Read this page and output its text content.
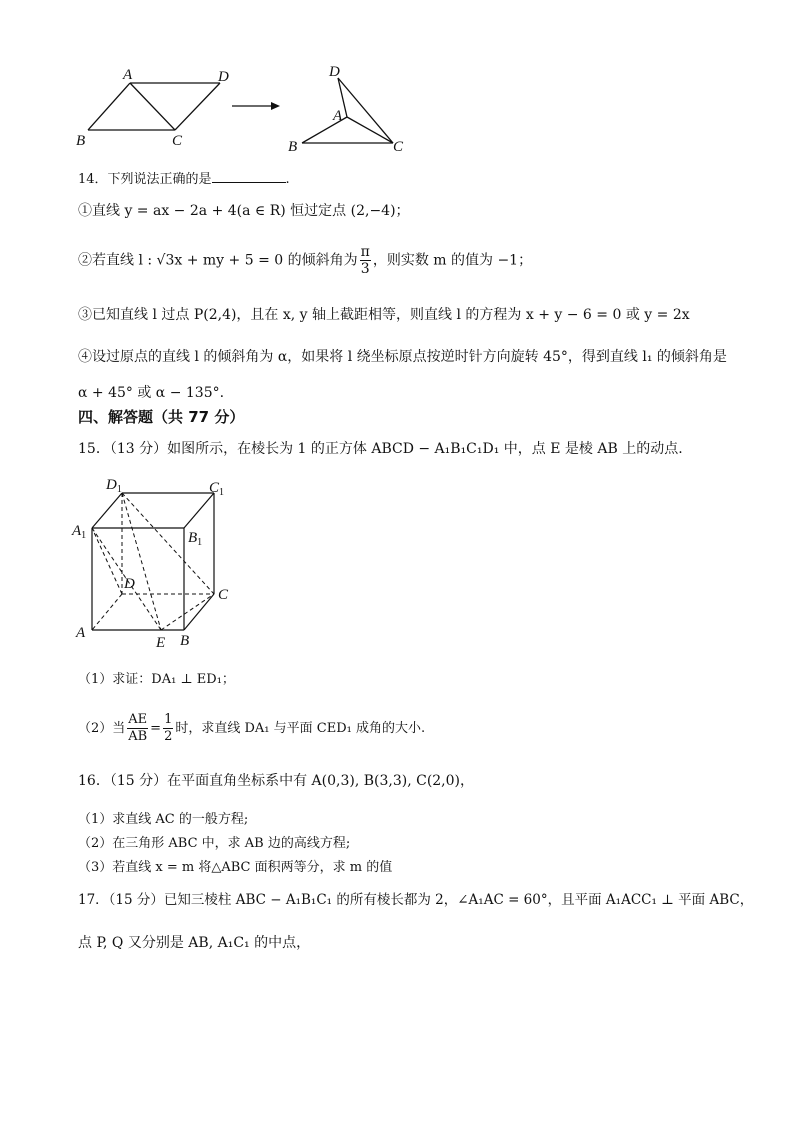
A	D
B	C
D
A
B	C
14．下列说法正确的是	.
①直线 y = ax − 2a + 4(a ∈ R) 恒过定点 (2,−4)；
②若直线 l : √3x + my + 5 = 0 的倾斜角为 $\frac{\pi}{3}$ ，则实数 m 的值为 −1；
③已知直线 l 过点 P(2,4)，且在 x, y 轴上截距相等，则直线 l 的方程为 x + y − 6 = 0 或 y = 2x
④设过原点的直线 l 的倾斜角为 α，如果将 l 绕坐标原点按逆时针方向旋转 45°，得到直线 l₁ 的倾斜角是
α + 45° 或 α − 135°.
四、解答题（共 77 分）
15．（13 分）如图所示，在棱长为 1 的正方体 ABCD − A₁B₁C₁D₁ 中，点 E 是棱 AB 上的动点.
$D_1$	$C_1$
$A_1$	$B_1$
D
C
A
E B
（1）求证：DA₁ ⊥ ED₁；
（2）当 $\frac{AE}{AB} = \frac{1}{2}$ 时，求直线 DA₁ 与平面 CED₁ 成角的大小.
16．（15 分）在平面直角坐标系中有 A(0,3), B(3,3), C(2,0)，
（1）求直线 AC 的一般方程;
（2）在三角形 ABC 中，求 AB 边的高线方程;
（3）若直线 x = m 将△ABC 面积两等分，求 m 的值
17．（15 分）已知三棱柱 ABC − A₁B₁C₁ 的所有棱长都为 2，∠A₁AC = 60°，且平面 A₁ACC₁ ⊥ 平面 ABC，
点 P, Q 又分别是 AB, A₁C₁ 的中点，
